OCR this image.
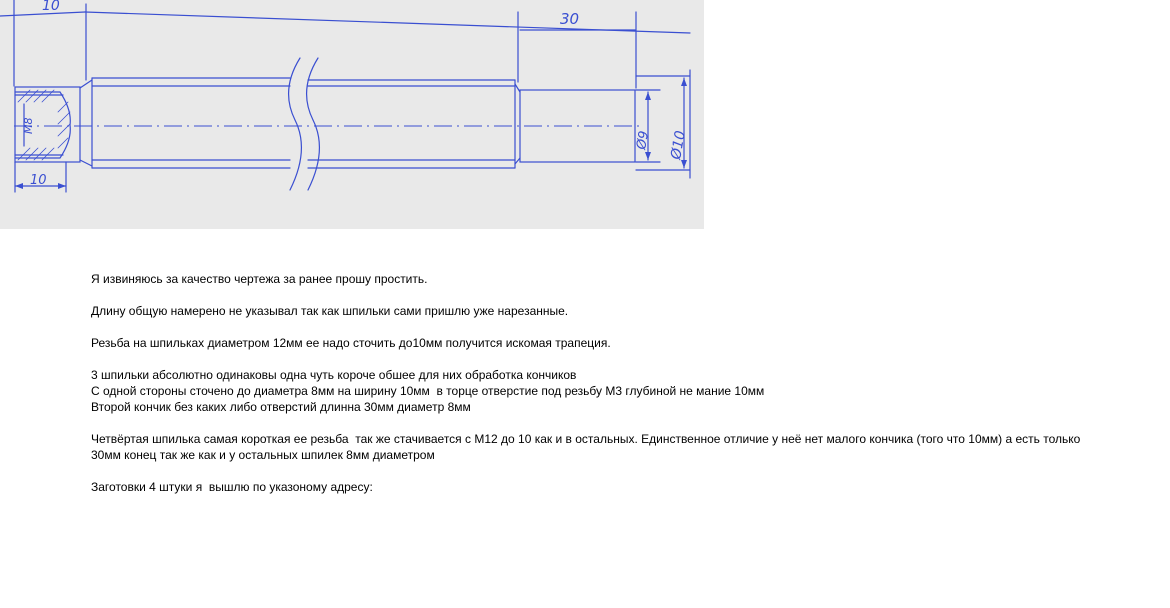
10
30
M8
10
Ø9 Ø10
Я извиняюсь за качество чертежа за ранее прошу простить.
Длину общую намерено не указывал так как шпильки сами пришлю уже нарезанные.
Резьба на шпильках диаметром 12мм ее надо сточить до10мм получится искомая трапеция.
3 шпильки абсолютно одинаковы одна чуть короче обшее для них обработка кончиков
С одной стороны сточено до диаметра 8мм на ширину 10мм  в торце отверстие под резьбу М3 глубиной не мание 10мм
Второй кончик без каких либо отверстий длинна 30мм диаметр 8мм
Четвёртая шпилька самая короткая ее резьба  так же стачивается с М12 до 10 как и в остальных. Единственное отличие у неё нет малого кончика (того что 10мм) а есть только
30мм конец так же как и у остальных шпилек 8мм диаметром
Заготовки 4 штуки я  вышлю по указоному адресу:
